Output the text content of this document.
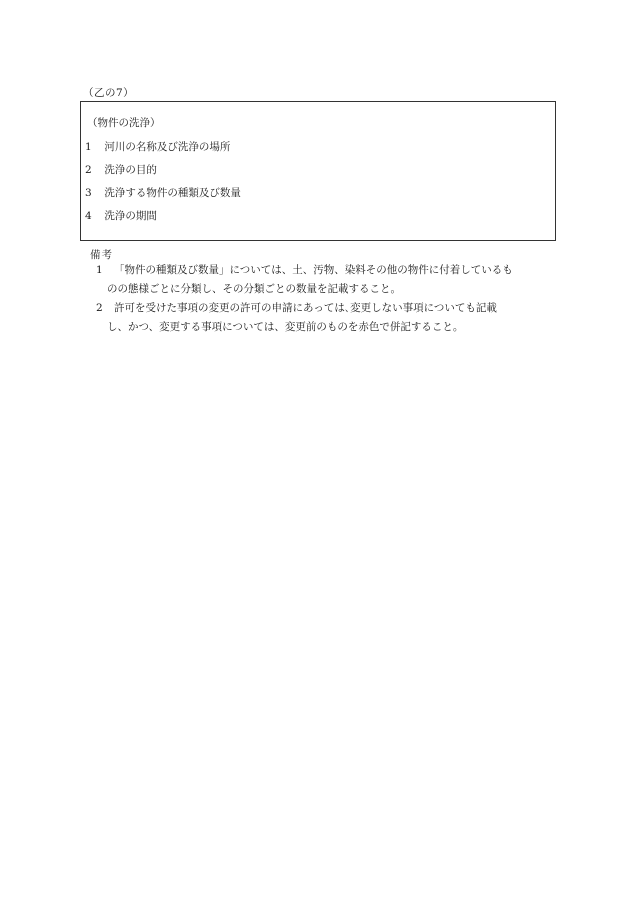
（乙の7）
（物件の洗浄）
1 河川の名称及び洗浄の場所
2 洗浄の目的
3 洗浄する物件の種類及び数量
4 洗浄の期間
備考
1 「物件の種類及び数量」については、土、汚物、染料その他の物件に付着しているも
のの態様ごとに分類し、その分類ごとの数量を記載すること。
2 許可を受けた事項の変更の許可の申請にあっては､変更しない事項についても記載
し、かつ、変更する事項については、変更前のものを赤色で併記すること。
